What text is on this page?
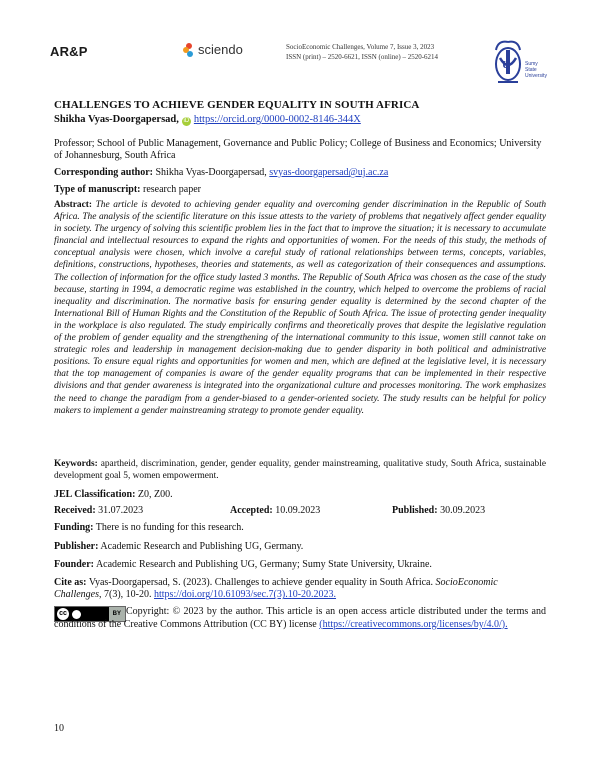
AR&P	sciendo	SocioEconomic Challenges, Volume 7, Issue 3, 2023
ISSN (print) – 2520-6621, ISSN (online) – 2520-6214
U	Sumy
State
University
CHALLENGES TO ACHIEVE GENDER EQUALITY IN SOUTH AFRICA
Shikha Vyas-Doorgapersad, iD https://orcid.org/0000-0002-8146-344X
Professor; School of Public Management, Governance and Public Policy; College of Business and Economics; University of Johannesburg, South Africa
Corresponding author: Shikha Vyas-Doorgapersad, svyas-doorgapersad@uj.ac.za
Type of manuscript: research paper
Abstract: The article is devoted to achieving gender equality and overcoming gender discrimination in the Republic of South Africa. The analysis of the scientific literature on this issue attests to the variety of problems that negatively affect gender equality in society. The urgency of solving this scientific problem lies in the fact that to improve the situation; it is necessary to accumulate financial and intellectual resources to expand the rights and opportunities of women. For the needs of this study, the methods of conceptual analysis were chosen, which involve a careful study of rational relationships between terms, concepts, variables, definitions, constructions, hypotheses, theories and statements, as well as categorization of their consequences and assumptions. The collection of information for the office study lasted 3 months. The Republic of South Africa was chosen as the case of the study because, starting in 1994, a democratic regime was established in the country, which helped to overcome the problems of racial inequality and discrimination. The normative basis for ensuring gender equality is determined by the second chapter of the International Bill of Human Rights and the Constitution of the Republic of South Africa. The issue of protecting gender inequality in the workplace is also regulated. The study empirically confirms and theoretically proves that despite the legislative regulation of the problem of gender equality and the strengthening of the international community to this issue, women still cannot take on strategic roles and leadership in management decision-making due to gender disparity in both political and administrative positions. To ensure equal rights and opportunities for women and men, which are defined at the legislative level, it is necessary that the top management of companies is aware of the gender equality programs that can be implemented in their respective divisions and that gender awareness is integrated into the organizational culture and processes monitoring. The work emphasizes the need to change the paradigm from a gender-biased to a gender-oriented society. The study results can be helpful for policy makers to implement a gender mainstreaming strategy to promote gender equality.
Keywords: apartheid, discrimination, gender, gender equality, gender mainstreaming, qualitative study, South Africa, sustainable development goal 5, women empowerment.
JEL Classification: Z0, Z00.
Received: 31.07.2023	Accepted: 10.09.2023	Published: 30.09.2023
Funding: There is no funding for this research.
Publisher: Academic Research and Publishing UG, Germany.
Founder: Academic Research and Publishing UG, Germany; Sumy State University, Ukraine.
Cite as: Vyas-Doorgapersad, S. (2023). Challenges to achieve gender equality in South Africa. SocioEconomic Challenges, 7(3), 10-20. https://doi.org/10.61093/sec.7(3).10-20.2023.
cc	BY Copyright: © 2023 by the author. This article is an open access article distributed under the terms and conditions of the Creative Commons Attribution (CC BY) license (https://creativecommons.org/licenses/by/4.0/).
10
